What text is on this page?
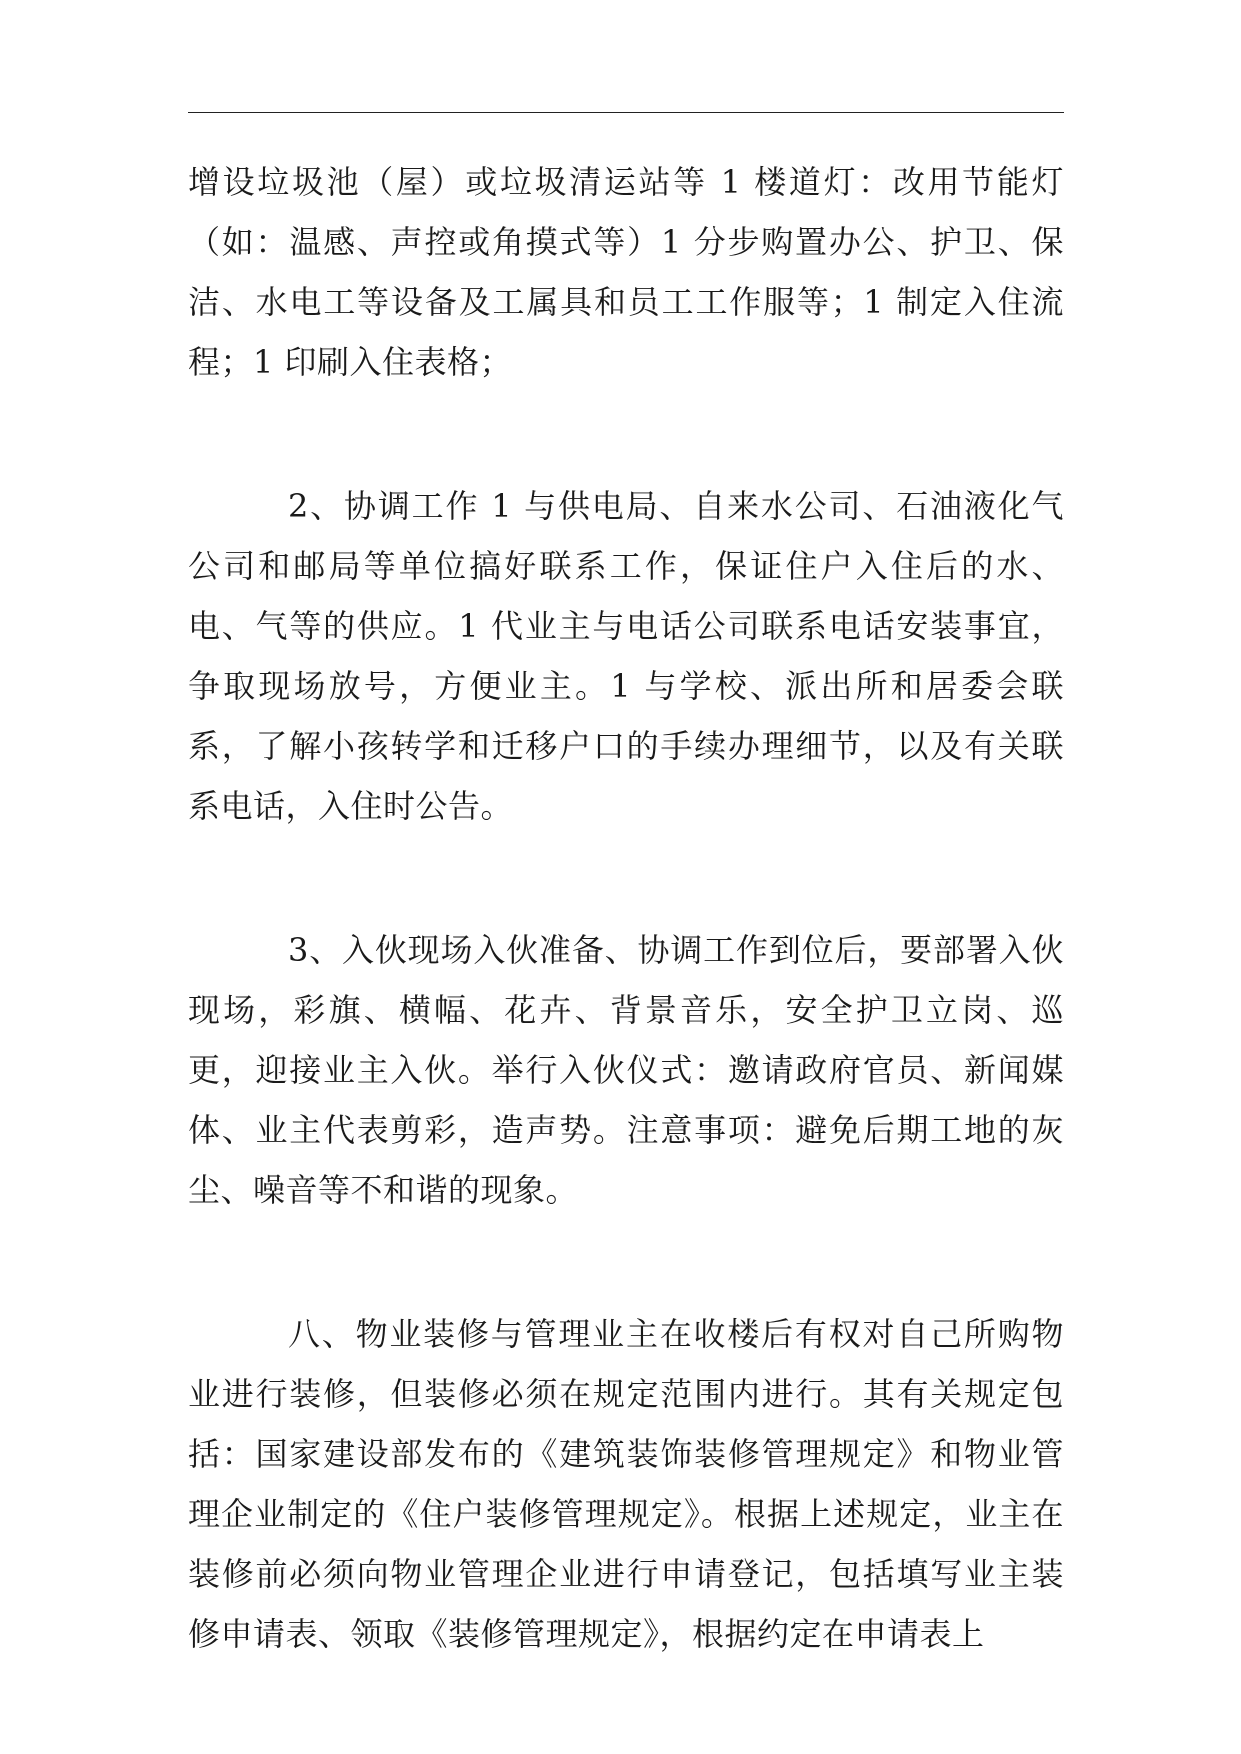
增设垃圾池（屋）或垃圾清运站等 1 楼道灯：改用节能灯（如：温感、声控或角摸式等）1 分步购置办公、护卫、保洁、水电工等设备及工属具和员工工作服等；1 制定入住流程；1 印刷入住表格；

2、协调工作 1 与供电局、自来水公司、石油液化气公司和邮局等单位搞好联系工作，保证住户入住后的水、电、气等的供应。1 代业主与电话公司联系电话安装事宜，争取现场放号，方便业主。1 与学校、派出所和居委会联系，了解小孩转学和迁移户口的手续办理细节，以及有关联系电话，入住时公告。

3、入伙现场入伙准备、协调工作到位后，要部署入伙现场，彩旗、横幅、花卉、背景音乐，安全护卫立岗、巡更，迎接业主入伙。举行入伙仪式：邀请政府官员、新闻媒体、业主代表剪彩，造声势。注意事项：避免后期工地的灰尘、噪音等不和谐的现象。

八、物业装修与管理业主在收楼后有权对自己所购物业进行装修，但装修必须在规定范围内进行。其有关规定包括：国家建设部发布的《建筑装饰装修管理规定》和物业管理企业制定的《住户装修管理规定》。根据上述规定，业主在装修前必须向物业管理企业进行申请登记，包括填写业主装修申请表、领取《装修管理规定》，根据约定在申请表上
